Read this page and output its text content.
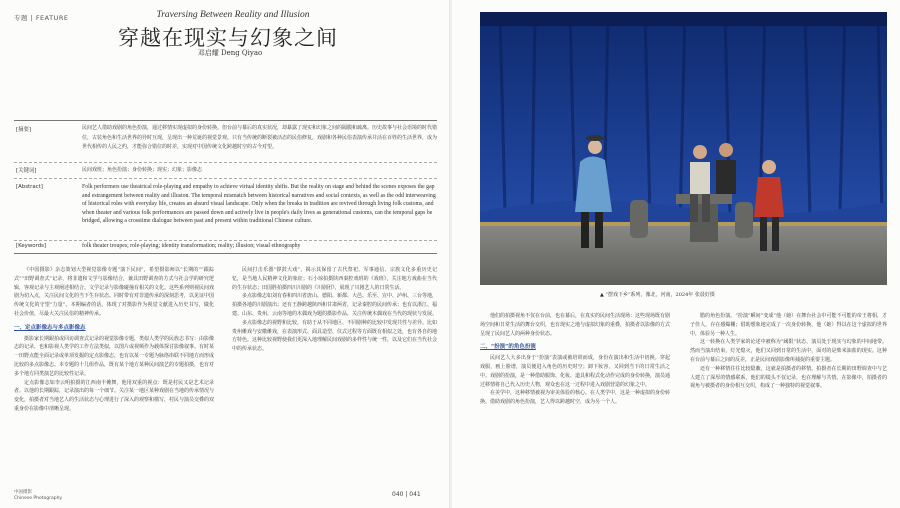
专题 | FEATURE	Traversing Between Reality and Illusion
穿越在现实与幻象之间
邓启耀 Deng Qiyao
[摘要]	民间艺人借助戏剧的角色扮演，通过移情实现虚拟的身份转换。但台前与幕后的真实状况，却暴露了现实和幻象之间的隔膜和疏离。历史故事与社会语境的时代错位，古装角色和生活世界的异时互现，呈现出一种荒诞的视觉景观。只有当传统的断裂被活态的民俗修复，戏剧和各种民俗表演传承并活在百姓的生活世界，成为世代相传的人民之约，才能弥合错位的时差，实现对中国传统文化跨越时空的古今对望。
[关键词]	民间戏班；角色扮演；身份转换；现实；幻象；影像志
[Abstract]	Folk performers use theatrical role-playing and empathy to achieve virtual identity shifts. But the reality on stage and behind the scenes exposes the gap and estrangement between reality and illusion. The temporal mismatch between historical narratives and social contexts, as well as the odd interweaving of historical roles with everyday life, creates an absurd visual landscape. Only when the breaks in tradition are revived through living folk customs, and when theater and various folk performances are passed down and actively live in people's daily lives as generational customs, can the temporal gaps be bridged, allowing a crosstime dialogue between past and present within traditional Chinese culture.
[Keywords]	folk theater troupes; role-playing; identity transformation; reality; illusion; visual ethnography

《中国摄影》杂志策划大型视觉影像专题“演下民间”，希望摄影师以“长期的”“跟踪式”“田野调查式”记录，将非遗和文学与影像结合，兼具田野调查的方式与社会学的研究逻辑，客观记录与主观阐述相结合。文学记录与影像碰撞有相关的文化。这些系列则视民间戏剧为切入点，关注民间文化的当下生存状态。同时带有对非遗传承的深刻思考，以见证中国传统文化的守望“力量”。本期编者的话，体现了对摄影作为视觉文献进入历史书写，做化社会价值，尽最大关注民俗的精神传承。

一、定点影像志与多点影像志

摄影家长期跟拍或回访调查式记录的视觉影像专题，类似人类学的民族志书写：由影像志的记录，也和影视人类学的工作方法类似，以图片或视频作为载体探讨影像叙事。有时某一田野点能全面记录或单项发掘的定点影像志，也有以某一专题为脉络串联不同地方而形成比较的多点影像志。本专题的十几组作品，既有某个地方某种民间演艺的专题拍摄，也有对多个地方同类演艺的比较性记录。

定点影像志如李云明拍摄的江西南丰傩舞，他用双重的视点：既是村民又是艺术记录者。以他的长期跟踪，记录演出的每一个细节。关注某一地区某种戏剧在当地的传承情况与变化，拍摄者对当地艺人的生活状态与心理进行了深入的观察和描写，村民与演员交叠的双重身份在影像中清晰呈现。

民间打击乐器“锣鼓大戏”，揭示其保留了古代祭祀、军事通信、宗族文化多重历史记忆，是当地人民精神文化的象征；石小琼拍摄陕西秦腔戏班的《戏班》，关注地方戏曲在当代的生存状态；田国胜拍摄四川川剧的《川剧团》，展现了川剧艺人的日常生活。

多点影像志如刘有春和四川省唐山、德阳、新都、大邑、乐至、宣中、泸州、三台等地，拍摄各地的川剧演出；还有王静跨越陕西和甘肃两省，记录秦腔的民间传承；也有以浙江、福建、山东、贵州、云南等地的木偶戏为题的摄影作品，关注传统木偶戏在当代的现状与发展。

多点影像志的视野和比较，有助于从不同地区、不同剧种的比较中发现共性与差异。比如贵州傩戏与安徽傩戏，在表演形式、面具造型、仪式过程等方面既有相似之处，也有各自的地方特色。这种比较视野使我们更深入地理解民间戏剧的多样性与统一性，以及它们在当代社会中的传承状态。

他们的拍摄视角不仅在台前，也在幕后，在真实的民间生活现场：这些现场既有剧场空间和日常生活的舞台交织，也有现实之地与虚拟幻象的重叠，拍摄者以影像的方式呈现了民间艺人的两种身份状态。

二、“扮演”的角色扮演

民间艺人大多出身于“扮演”表演或被培训而成，身份在演出和生活中切换。穿起戏服，画上脸谱，演员便进入角色的历史时空；卸下妆容，又回到当下的日常生活之中。戏剧的扮演，是一种借助服饰、化妆、道具和程式化动作完成的身份转换，演员通过移情将自己代入历史人物，观众也在这一过程中进入戏剧营造的幻象之中。

在美学中，这种移情被视为审美体验的核心。在人类学中，这是一种虚拟的身份转换。借助戏剧的角色扮演，艺人得以跨越时空，成为另一个人。

腊的角色扮演。“扮演”瞬间“变成”他（她）在舞台社会中可能不可能的帝王将相，才子佳人，存在感爆棚；借助想象地完成了一次身份转换，他（她）得以在这个虚拟的世界中，体验另一种人生。

这一转换在人类学家的论述中被称为“阈限”状态，演员处于现实与幻象的中间地带。然而当演出结束，灯光熄灭，他们又回到日常的生活中，面对的是柴米油盐的现实。这种在台前与幕后之间的反差，正是民间戏剧影像所捕捉的重要主题。

还有一种移情往往比较隐蔽，这就是拍摄者的移情。拍摄者在长期的田野调查中与艺人建立了深厚的情感联系，他们的镜头不仅记录，也在理解与共情。在影像中，拍摄者的视角与被摄者的身份相互交织，构成了一种独特的视觉叙事。

▲ “摆戏下乡”系列，豫北，河南，2024年 张晨好摄
中国摄影
Chinese Photography
040 | 041
